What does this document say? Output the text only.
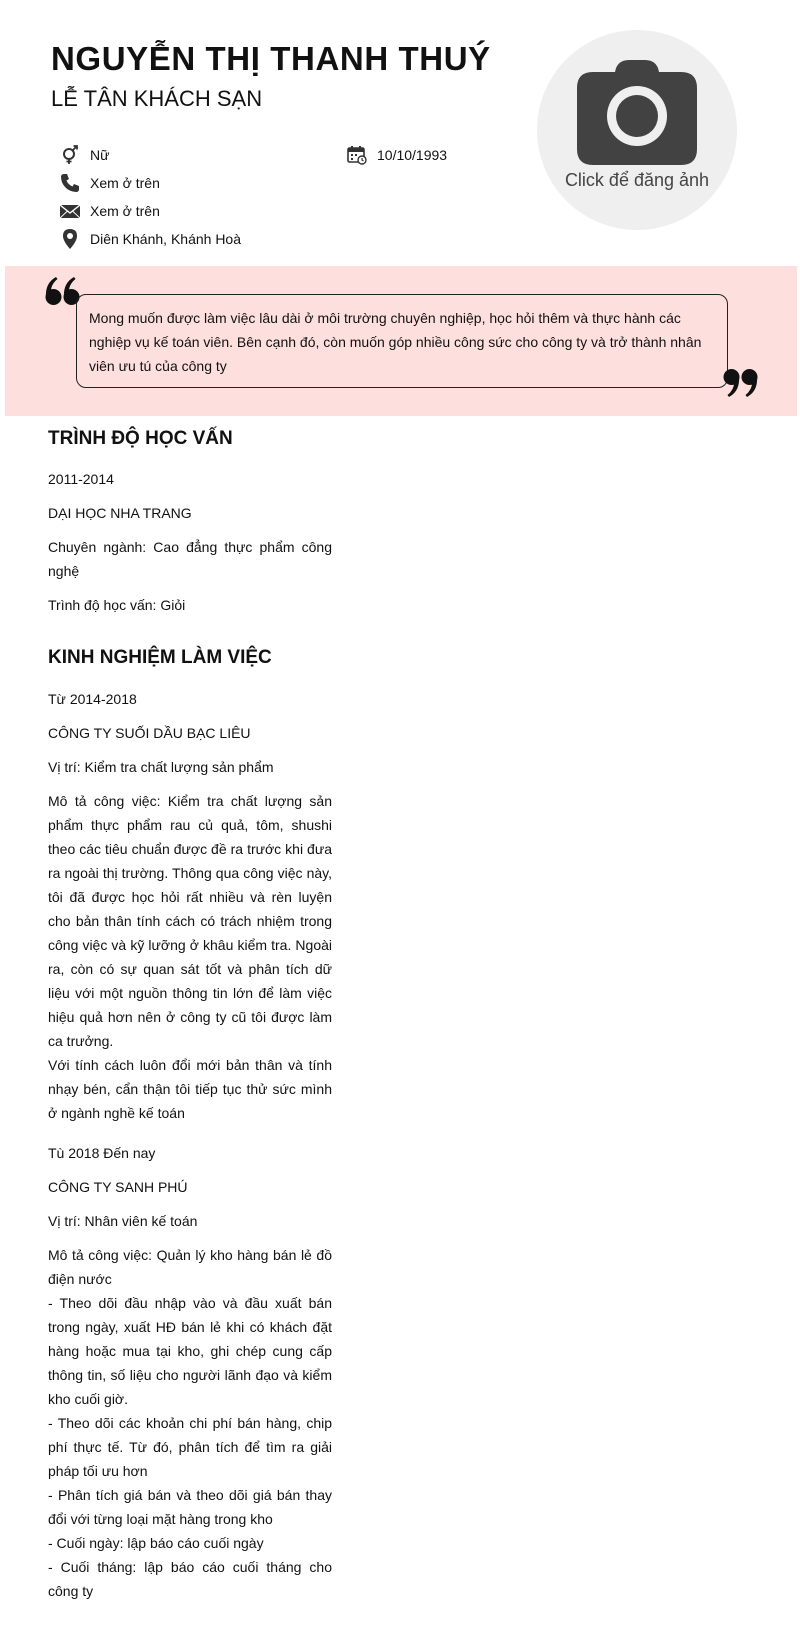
NGUYỄN THỊ THANH THUÝ
LỄ TÂN KHÁCH SẠN
Click để đăng ảnh
Nữ	10/10/1993
Xem ở trên
Xem ở trên
Diên Khánh, Khánh Hoà
Mong muốn được làm việc lâu dài ở môi trường chuyên nghiệp, học hỏi thêm và thực hành các nghiệp vụ kế toán viên. Bên cạnh đó, còn muốn góp nhiều công sức cho công ty và trở thành nhân viên ưu tú của công ty
TRÌNH ĐỘ HỌC VẤN
2011-2014
DẠI HỌC NHA TRANG
Chuyên ngành: Cao đẳng thực phẩm công nghệ
Trình độ học vấn: Giỏi
KINH NGHIỆM LÀM VIỆC
Từ 2014-2018
CÔNG TY SUỐI DẦU BẠC LIÊU
Vị trí: Kiểm tra chất lượng sản phẩm
Mô tả công việc: Kiểm tra chất lượng sản phẩm thực phẩm rau củ quả, tôm, shushi theo các tiêu chuẩn được đề ra trước khi đưa ra ngoài thị trường. Thông qua công việc này, tôi đã được học hỏi rất nhiều và rèn luyện cho bản thân tính cách có trách nhiệm trong công việc và kỹ lưỡng ở khâu kiểm tra. Ngoài ra, còn có sự quan sát tốt và phân tích dữ liệu với một nguồn thông tin lớn để làm việc hiệu quả hơn nên ở công ty cũ tôi được làm ca trưởng.
Với tính cách luôn đổi mới bản thân và tính nhạy bén, cẩn thận tôi tiếp tục thử sức mình ở ngành nghề kế toán
Tù 2018 Đến nay
CÔNG TY SANH PHÚ
Vị trí: Nhân viên kế toán
Mô tả công việc: Quản lý kho hàng bán lẻ đồ điện nước
- Theo dõi đầu nhập vào và đầu xuất bán trong ngày, xuất HĐ bán lẻ khi có khách đặt hàng hoặc mua tại kho, ghi chép cung cấp thông tin, số liệu cho người lãnh đạo và kiểm kho cuối giờ.
- Theo dõi các khoản chi phí bán hàng, chip phí thực tế. Từ đó, phân tích để tìm ra giải pháp tối ưu hơn
- Phân tích giá bán và theo dõi giá bán thay đổi với từng loại mặt hàng trong kho
- Cuối ngày: lập báo cáo cuối ngày
- Cuối tháng: lập báo cáo cuối tháng cho công ty
